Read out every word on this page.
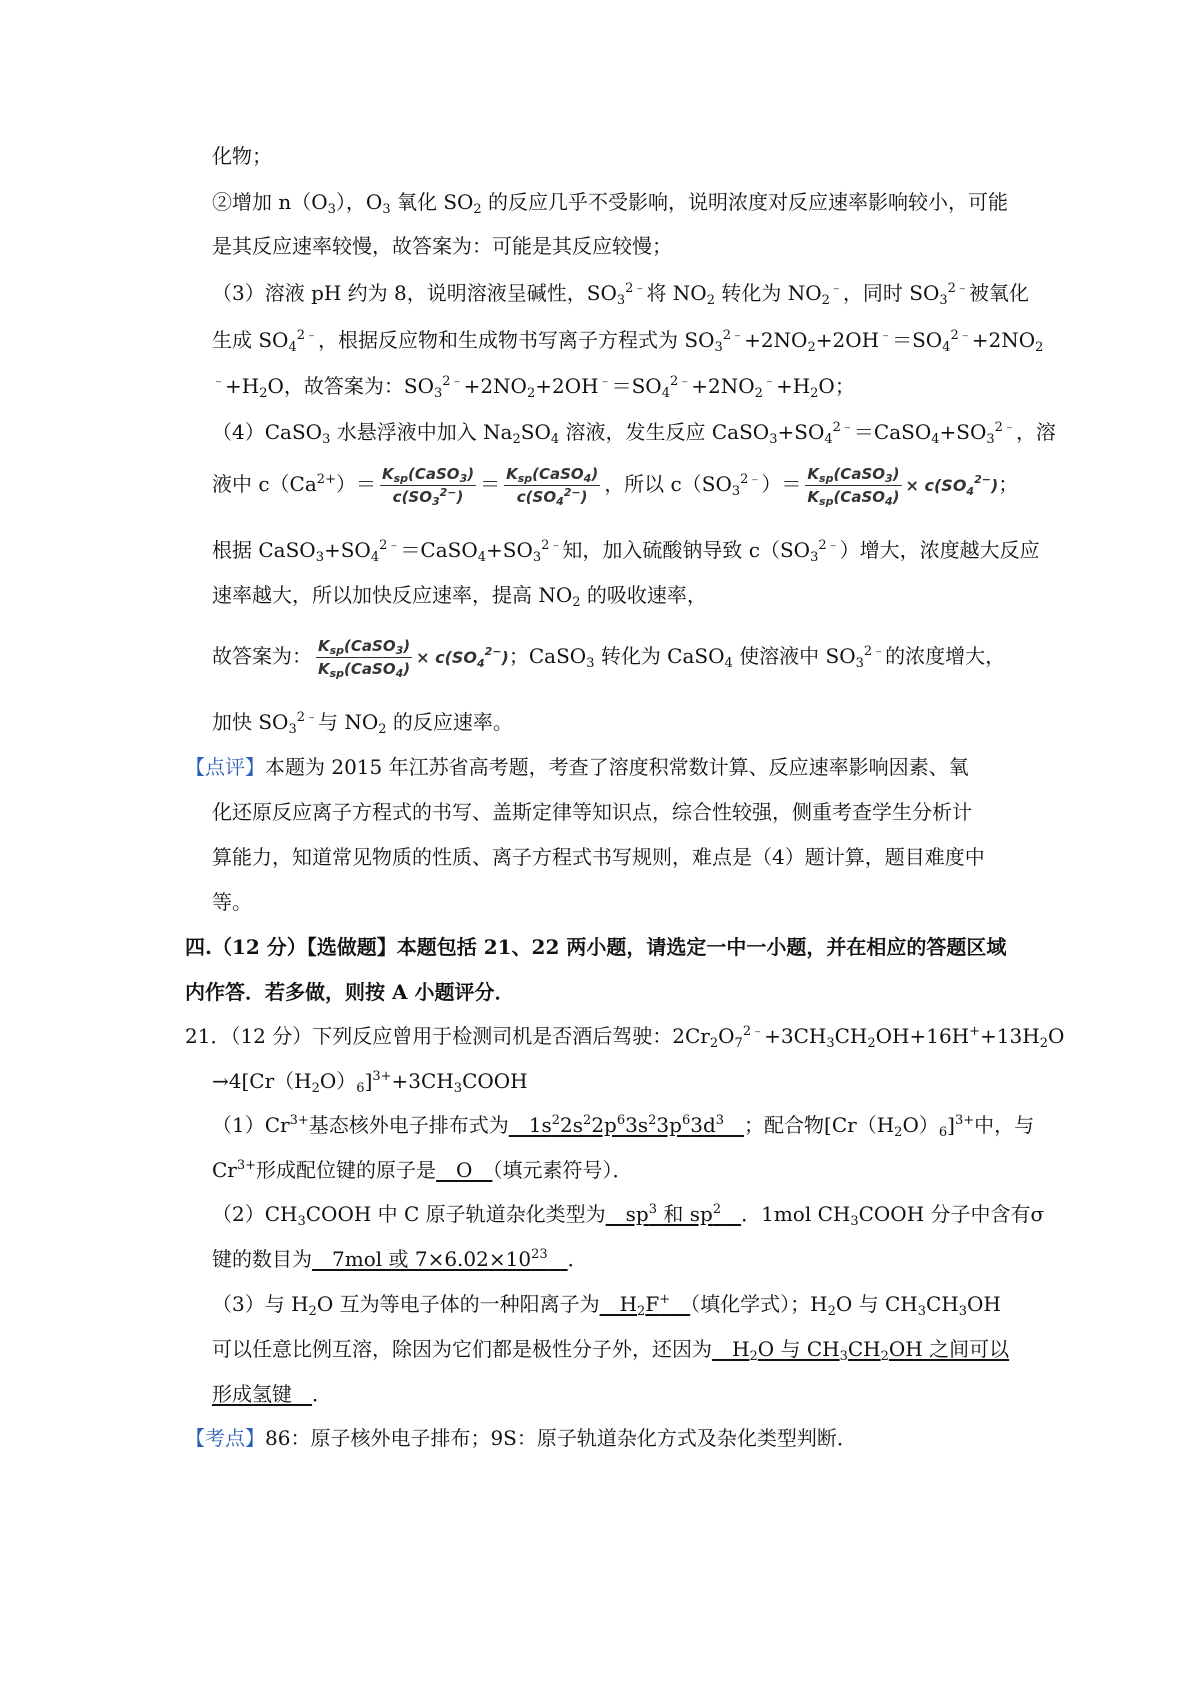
化物；
②增加 $n(O_3)$，$O_3$ 氧化 $SO_2$ 的反应几乎不受影响，说明浓度对反应速率影响较小，可能
是其反应速率较慢，故答案为：可能是其反应较慢；
（3）溶液 pH 约为 8，说明溶液呈碱性，$SO_3^{2﹣}$将 $NO_2$ 转化为 $NO_2^﹣$，同时 $SO_3^{2﹣}$被氧化
生成 $SO_4^{2﹣}$，根据反应物和生成物书写离子方程式为 $SO_3^{2﹣}+2NO_2+2OH^﹣=SO_4^{2﹣}+2NO_2$
$^﹣+H_2O$，故答案为：$SO_3^{2﹣}+2NO_2+2OH^﹣=SO_4^{2﹣}+2NO_2^﹣+H_2O$；
（4）CaSO$_3$ 水悬浮液中加入 $Na_2SO_4$ 溶液，发生反应 $CaSO_3+SO_4^{2﹣}=CaSO_4+SO_3^{2﹣}$，溶
液中 $c(Ca^{2+})= \frac{K_{sp}(CaSO_3)}{c(SO_3^{2-})} = \frac{K_{sp}(CaSO_4)}{c(SO_4^{2-})}$ ，所以 $c(SO_3^{2﹣})= \frac{K_{sp}(CaSO_3)}{K_{sp}(CaSO_4)} \times c(SO_4^{2-})$；
根据 $CaSO_3+SO_4^{2﹣}=CaSO_4+SO_3^{2﹣}$知，加入硫酸钠导致 $c(SO_3^{2﹣})$增大，浓度越大反应
速率越大，所以加快反应速率，提高 $NO_2$ 的吸收速率，
故答案为： $\frac{K_{sp}(CaSO_3)}{K_{sp}(CaSO_4)} \times c(SO_4^{2-})$；CaSO$_3$ 转化为 CaSO$_4$ 使溶液中 $SO_3^{2﹣}$的浓度增大，
加快 $SO_3^{2﹣}$与 $NO_2$ 的反应速率。
【点评】本题为 2015 年江苏省高考题，考查了溶度积常数计算、反应速率影响因素、氧
化还原反应离子方程式的书写、盖斯定律等知识点，综合性较强，侧重考查学生分析计
算能力，知道常见物质的性质、离子方程式书写规则，难点是（4）题计算，题目难度中
等。
四.（12 分）【选做题】本题包括 21、22 两小题，请选定一中一小题，并在相应的答题区域
内作答．若多做，则按 A 小题评分．
21．（12 分）下列反应曾用于检测司机是否酒后驾驶：$2Cr_2O_7^{2﹣}+3CH_3CH_2OH+16H^++13H_2O$
$\to 4[Cr(H_2O)_6]^{3+}+3CH_3COOH$
$(1)Cr^{3+}$基态核外电子排布式为　$1s^22s^22p^63s^23p^63d^3$　 ；配合物$[Cr(H_2O)_6]^{3+}$中，与
$Cr^{3+}$形成配位键的原子是　O　（填元素符号）．
$(2)CH_3COOH$ 中 C 原子轨道杂化类型为　$sp^3$ 和 $sp^2$　 ．1mol $CH_3COOH$ 分子中含有σ
键的数目为　7mol 或 $7\times 6.02\times 10^{23}$　 ．
（3）与 $H_2O$ 互为等电子体的一种阳离子为　$H_2F^+$　 （填化学式）；$H_2O$ 与 $CH_3CH_3OH$
可以任意比例互溶，除因为它们都是极性分子外，还因为　$H_2O$ 与 $CH_3CH_2OH$ 之间可以
形成氢键　．
【考点】86：原子核外电子排布；9S：原子轨道杂化方式及杂化类型判断．
